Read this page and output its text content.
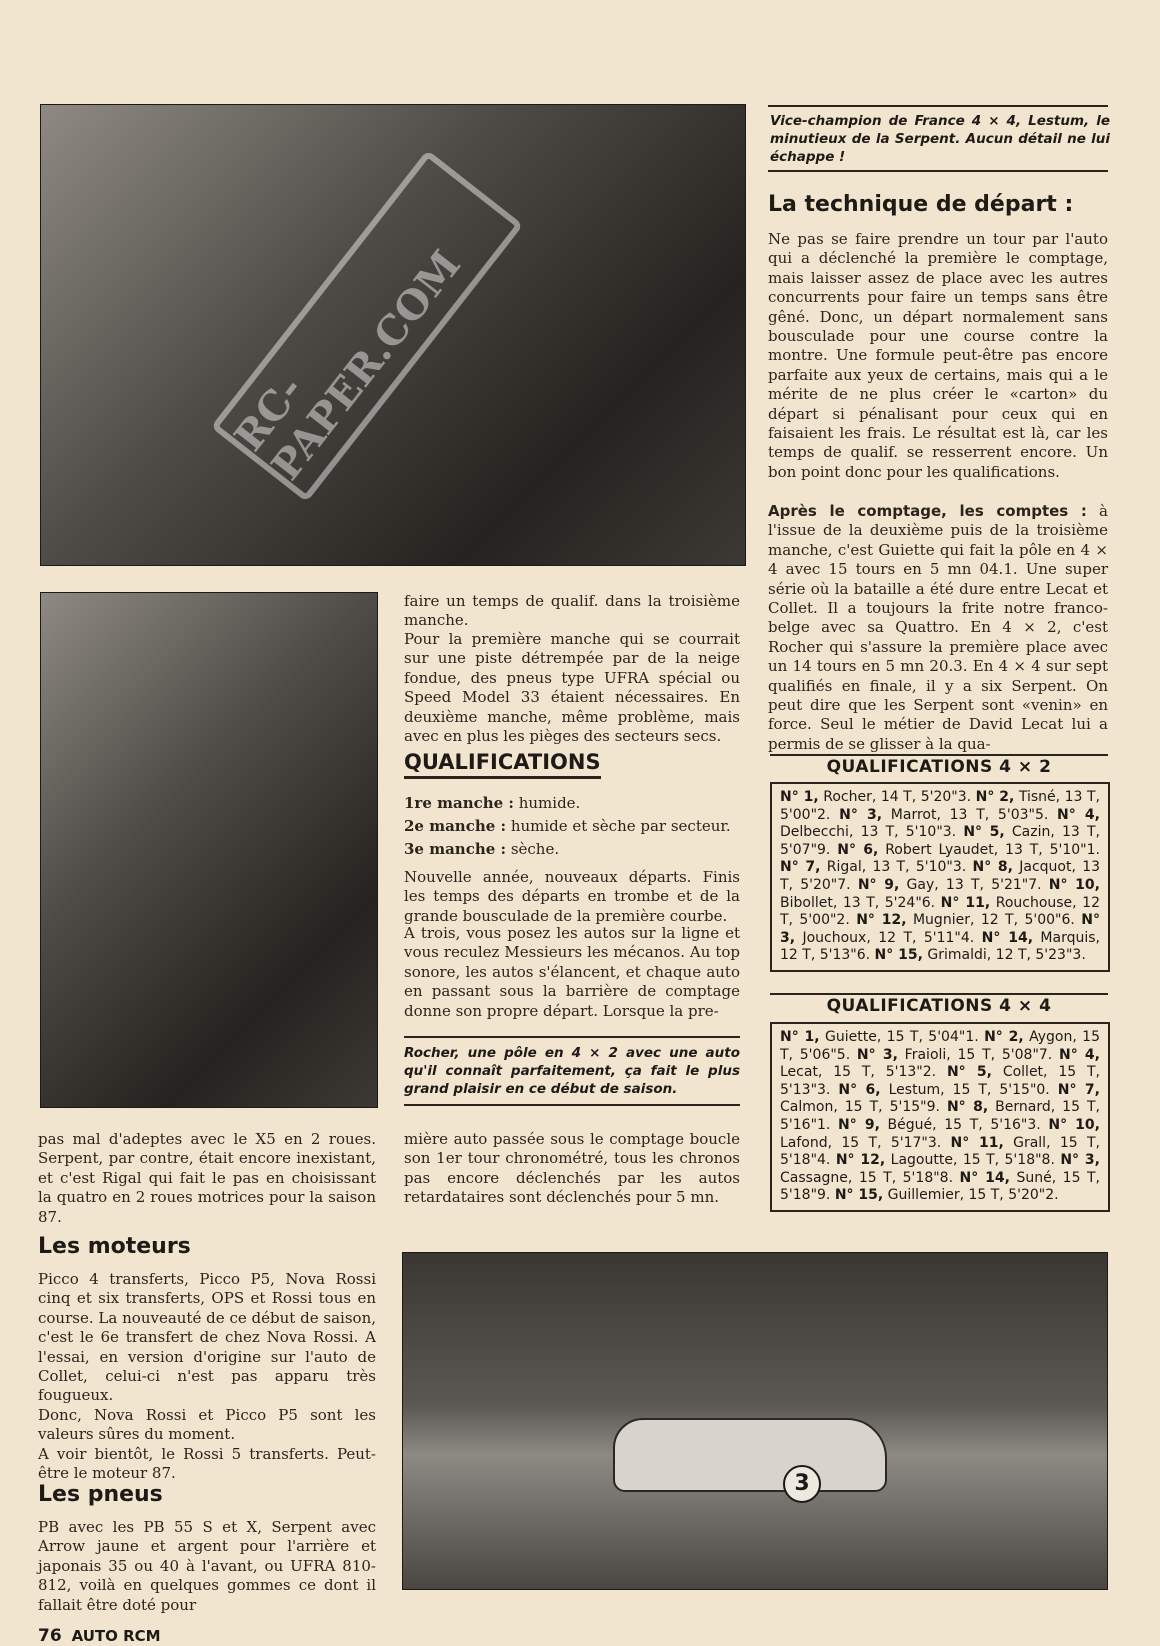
RC-PAPER.COM
Vice-champion de France 4 × 4, Lestum, le minutieux de la Serpent. Aucun détail ne lui échappe !
La technique de départ :
Ne pas se faire prendre un tour par l'auto qui a déclenché la première le comptage, mais laisser assez de place avec les autres concurrents pour faire un temps sans être gêné. Donc, un départ normalement sans bousculade pour une course contre la montre. Une formule peut-être pas encore parfaite aux yeux de certains, mais qui a le mérite de ne plus créer le «carton» du départ si pénalisant pour ceux qui en faisaient les frais. Le résultat est là, car les temps de qualif. se resserrent encore. Un bon point donc pour les qualifications.
Après le comptage, les comptes : à l'issue de la deuxième puis de la troisième manche, c'est Guiette qui fait la pôle en 4 × 4 avec 15 tours en 5 mn 04.1. Une super série où la bataille a été dure entre Lecat et Collet. Il a toujours la frite notre franco-belge avec sa Quattro. En 4 × 2, c'est Rocher qui s'assure la première place avec un 14 tours en 5 mn 20.3. En 4 × 4 sur sept qualifiés en finale, il y a six Serpent. On peut dire que les Serpent sont «venin» en force. Seul le métier de David Lecat lui a permis de se glisser à la qua-
QUALIFICATIONS 4 × 2
N° 1, Rocher, 14 T, 5'20"3. N° 2, Tisné, 13 T, 5'00"2. N° 3, Marrot, 13 T, 5'03"5. N° 4, Delbecchi, 13 T, 5'10"3. N° 5, Cazin, 13 T, 5'07"9. N° 6, Robert Lyaudet, 13 T, 5'10"1. N° 7, Rigal, 13 T, 5'10"3. N° 8, Jacquot, 13 T, 5'20"7. N° 9, Gay, 13 T, 5'21"7. N° 10, Bibollet, 13 T, 5'24"6. N° 11, Rouchouse, 12 T, 5'00"2. N° 12, Mugnier, 12 T, 5'00"6. N° 3, Jouchoux, 12 T, 5'11"4. N° 14, Marquis, 12 T, 5'13"6. N° 15, Grimaldi, 12 T, 5'23"3.
QUALIFICATIONS 4 × 4
N° 1, Guiette, 15 T, 5'04"1. N° 2, Aygon, 15 T, 5'06"5. N° 3, Fraioli, 15 T, 5'08"7. N° 4, Lecat, 15 T, 5'13"2. N° 5, Collet, 15 T, 5'13"3. N° 6, Lestum, 15 T, 5'15"0. N° 7, Calmon, 15 T, 5'15"9. N° 8, Bernard, 15 T, 5'16"1. N° 9, Bégué, 15 T, 5'16"3. N° 10, Lafond, 15 T, 5'17"3. N° 11, Grall, 15 T, 5'18"4. N° 12, Lagoutte, 15 T, 5'18"8. N° 3, Cassagne, 15 T, 5'18"8. N° 14, Suné, 15 T, 5'18"9. N° 15, Guillemier, 15 T, 5'20"2.
faire un temps de qualif. dans la troisième manche.
Pour la première manche qui se courrait sur une piste détrempée par de la neige fondue, des pneus type UFRA spécial ou Speed Model 33 étaient nécessaires. En deuxième manche, même problème, mais avec en plus les pièges des secteurs secs.
QUALIFICATIONS
1re manche : humide.
2e manche : humide et sèche par secteur.
3e manche : sèche.
Nouvelle année, nouveaux départs. Finis les temps des départs en trombe et de la grande bousculade de la première courbe.
A trois, vous posez les autos sur la ligne et vous reculez Messieurs les mécanos. Au top sonore, les autos s'élancent, et chaque auto en passant sous la barrière de comptage donne son propre départ. Lorsque la pre-
Rocher, une pôle en 4 × 2 avec une auto qu'il connaît parfaitement, ça fait le plus grand plaisir en ce début de saison.
mière auto passée sous le comptage boucle son 1er tour chronométré, tous les chronos pas encore déclenchés par les autos retardataires sont déclenchés pour 5 mn.
pas mal d'adeptes avec le X5 en 2 roues. Serpent, par contre, était encore inexistant, et c'est Rigal qui fait le pas en choisissant la quatro en 2 roues motrices pour la saison 87.
Les moteurs

Picco 4 transferts, Picco P5, Nova Rossi cinq et six transferts, OPS et Rossi tous en course. La nouveauté de ce début de saison, c'est le 6e transfert de chez Nova Rossi. A l'essai, en version d'origine sur l'auto de Collet, celui-ci n'est pas apparu très fougueux.

Donc, Nova Rossi et Picco P5 sont les valeurs sûres du moment.

A voir bientôt, le Rossi 5 transferts. Peut-être le moteur 87.

Les pneus
PB avec les PB 55 S et X, Serpent avec Arrow jaune et argent pour l'arrière et japonais 35 ou 40 à l'avant, ou UFRA 810-812, voilà en quelques gommes ce dont il fallait être doté pour
3
76 AUTO RCM
